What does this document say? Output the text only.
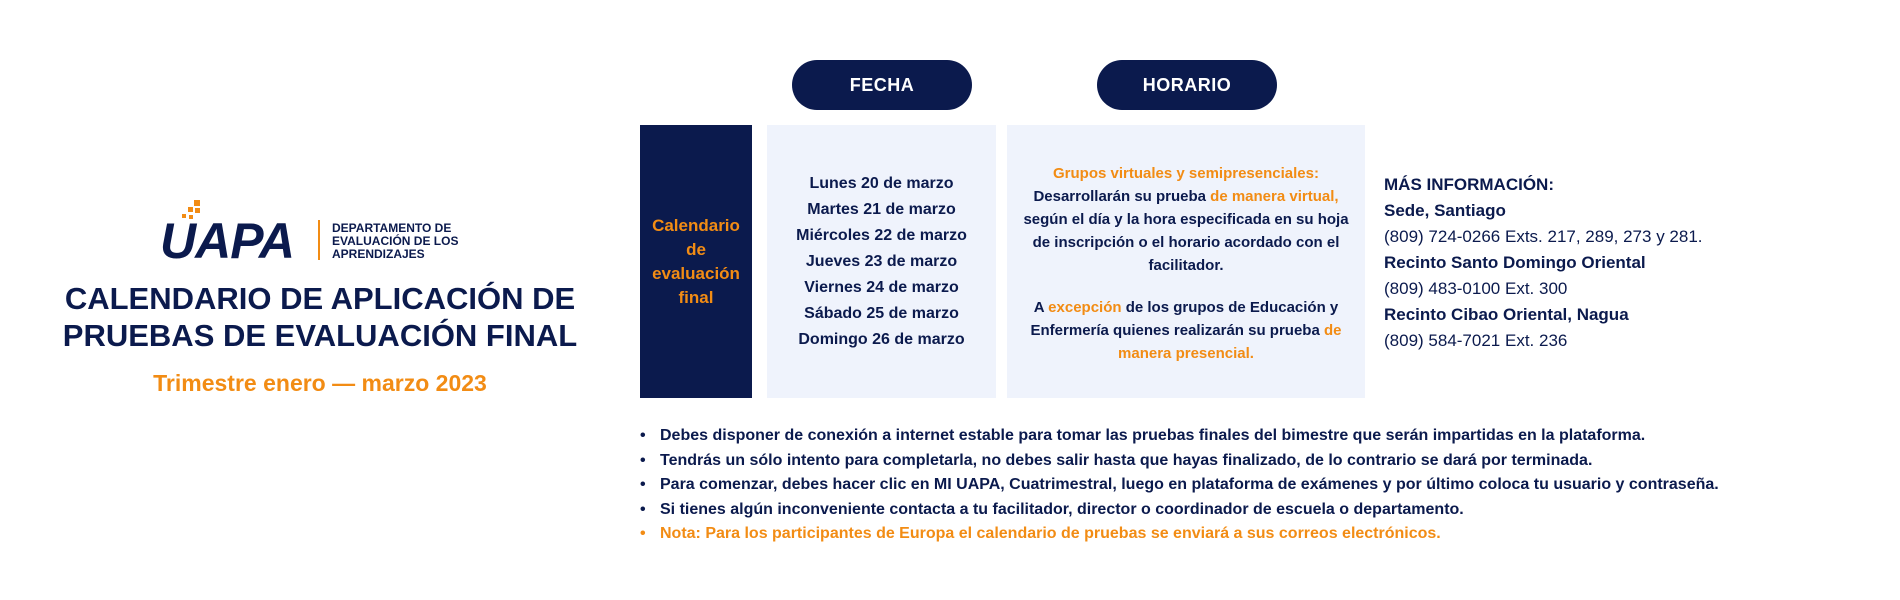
UAPA	DEPARTAMENTO DE
EVALUACIÓN DE LOS
APRENDIZAJES
CALENDARIO DE APLICACIÓN DE
PRUEBAS DE EVALUACIÓN FINAL
Trimestre enero — marzo 2023
FECHA	HORARIO
Calendario
de
evaluación
final
Lunes 20 de marzo
Martes 21 de marzo
Miércoles 22 de marzo
Jueves 23 de marzo
Viernes 24 de marzo
Sábado 25 de marzo
Domingo 26 de marzo
Grupos virtuales y semipresenciales:
Desarrollarán su prueba de manera virtual, según el día y la hora especificada en su hoja de inscripción o el horario acordado con el facilitador.
A excepción de los grupos de Educación y Enfermería quienes realizarán su prueba de manera presencial.
MÁS INFORMACIÓN:
Sede, Santiago
(809) 724-0266 Exts. 217, 289, 273 y 281.
Recinto Santo Domingo Oriental
(809) 483-0100 Ext. 300
Recinto Cibao Oriental, Nagua
(809) 584-7021 Ext. 236
• Debes disponer de conexión a internet estable para tomar las pruebas finales del bimestre que serán impartidas en la plataforma.
• Tendrás un sólo intento para completarla, no debes salir hasta que hayas finalizado, de lo contrario se dará por terminada.
• Para comenzar, debes hacer clic en MI UAPA, Cuatrimestral, luego en plataforma de exámenes y por último coloca tu usuario y contraseña.
• Si tienes algún inconveniente contacta a tu facilitador, director o coordinador de escuela o departamento.
• Nota: Para los participantes de Europa el calendario de pruebas se enviará a sus correos electrónicos.
